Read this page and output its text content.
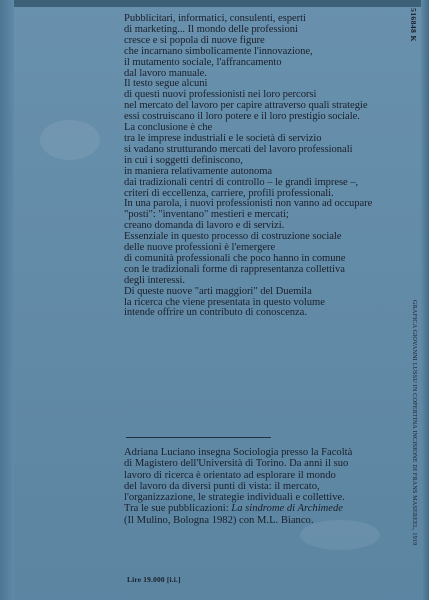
Pubblicitari, informatici, consulenti, esperti
di marketing... Il mondo delle professioni
cresce e si popola di nuove figure
che incarnano simbolicamente l'innovazione,
il mutamento sociale, l'affrancamento
dal lavoro manuale.
Il testo segue alcuni
di questi nuovi professionisti nei loro percorsi
nel mercato del lavoro per capire attraverso quali strategie
essi costruiscano il loro potere e il loro prestigio sociale.
La conclusione è che
tra le imprese industriali e le società di servizio
si vadano strutturando mercati del lavoro professionali
in cui i soggetti definiscono,
in maniera relativamente autonoma
dai tradizionali centri di controllo – le grandi imprese –,
criteri di eccellenza, carriere, profili professionali.
In una parola, i nuovi professionisti non vanno ad occupare
"posti": "inventano" mestieri e mercati;
creano domanda di lavoro e di servizi.
Essenziale in questo processo di costruzione sociale
delle nuove professioni è l'emergere
di comunità professionali che poco hanno in comune
con le tradizionali forme di rappresentanza collettiva
degli interessi.
Di queste nuove "arti maggiori" del Duemila
la ricerca che viene presentata in questo volume
intende offrire un contributo di conoscenza.
Adriana Luciano insegna Sociologia presso la Facoltà
di Magistero dell'Università di Torino. Da anni il suo
lavoro di ricerca è orientato ad esplorare il mondo
del lavoro da diversi punti di vista: il mercato,
l'organizzazione, le strategie individuali e collettive.
Tra le sue pubblicazioni: La sindrome di Archimede
(Il Mulino, Bologna 1982) con M.L. Bianco.
Lire 19.000 [i.i.]
516848 K
GRAFICA GIOVANNI LUSSU IN COPERTINA INCISIONE DI FRANS MASEREEL, 1919
